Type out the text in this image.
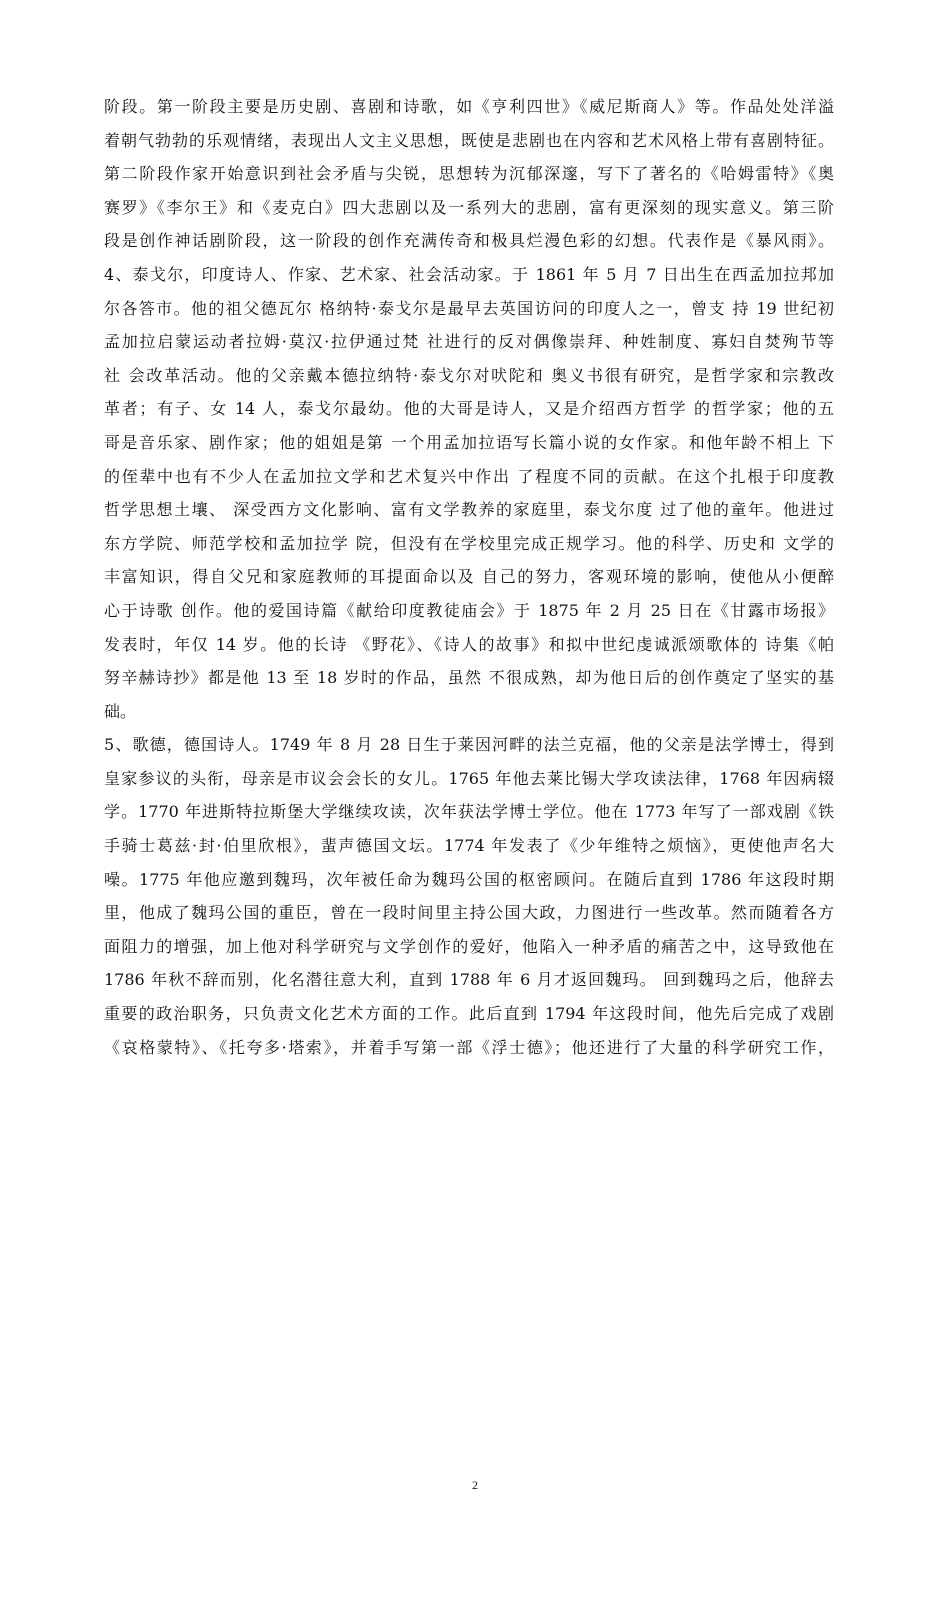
阶段。第一阶段主要是历史剧、喜剧和诗歌，如《亨利四世》《威尼斯商人》等。作品处处洋溢
着朝气勃勃的乐观情绪，表现出人文主义思想，既使是悲剧也在内容和艺术风格上带有喜剧特征。
第二阶段作家开始意识到社会矛盾与尖锐，思想转为沉郁深邃，写下了著名的《哈姆雷特》《奥
赛罗》《李尔王》和《麦克白》四大悲剧以及一系列大的悲剧，富有更深刻的现实意义。第三阶
段是创作神话剧阶段，这一阶段的创作充满传奇和极具烂漫色彩的幻想。代表作是《暴风雨》。
4、泰戈尔，印度诗人、作家、艺术家、社会活动家。于 1861 年 5 月 7 日出生在西孟加拉邦加
尔各答市。他的祖父德瓦尔 格纳特·泰戈尔是最早去英国访问的印度人之一，曾支 持 19 世纪初
孟加拉启蒙运动者拉姆·莫汉·拉伊通过梵 社进行的反对偶像崇拜、种姓制度、寡妇自焚殉节等
社 会改革活动。他的父亲戴本德拉纳特·泰戈尔对吠陀和 奥义书很有研究，是哲学家和宗教改
革者；有子、女 14 人，泰戈尔最幼。他的大哥是诗人，又是介绍西方哲学 的哲学家；他的五
哥是音乐家、剧作家；他的姐姐是第 一个用孟加拉语写长篇小说的女作家。和他年龄不相上 下
的侄辈中也有不少人在孟加拉文学和艺术复兴中作出 了程度不同的贡献。在这个扎根于印度教
哲学思想土壤、 深受西方文化影响、富有文学教养的家庭里，泰戈尔度 过了他的童年。他进过
东方学院、师范学校和孟加拉学 院，但没有在学校里完成正规学习。他的科学、历史和 文学的
丰富知识，得自父兄和家庭教师的耳提面命以及 自己的努力，客观环境的影响，使他从小便醉
心于诗歌 创作。他的爱国诗篇《献给印度教徒庙会》于 1875 年 2 月 25 日在《甘露市场报》
发表时，年仅 14 岁。他的长诗 《野花》、《诗人的故事》和拟中世纪虔诚派颂歌体的 诗集《帕
努辛赫诗抄》都是他 13 至 18 岁时的作品，虽然 不很成熟，却为他日后的创作奠定了坚实的基
础。
5、歌德，德国诗人。1749 年 8 月 28 日生于莱因河畔的法兰克福，他的父亲是法学博士，得到
皇家参议的头衔，母亲是市议会会长的女儿。1765 年他去莱比锡大学攻读法律，1768 年因病辍
学。1770 年进斯特拉斯堡大学继续攻读，次年获法学博士学位。他在 1773 年写了一部戏剧《铁
手骑士葛兹·封·伯里欣根》，蜚声德国文坛。1774 年发表了《少年维特之烦恼》，更使他声名大
噪。1775 年他应邀到魏玛，次年被任命为魏玛公国的枢密顾问。在随后直到 1786 年这段时期
里，他成了魏玛公国的重臣，曾在一段时间里主持公国大政，力图进行一些改革。然而随着各方
面阻力的增强，加上他对科学研究与文学创作的爱好，他陷入一种矛盾的痛苦之中，这导致他在
1786 年秋不辞而别，化名潜往意大利，直到 1788 年 6 月才返回魏玛。 回到魏玛之后，他辞去
重要的政治职务，只负责文化艺术方面的工作。此后直到 1794 年这段时间，他先后完成了戏剧
《哀格蒙特》、《托夸多·塔索》，并着手写第一部《浮士德》；他还进行了大量的科学研究工作，
2
